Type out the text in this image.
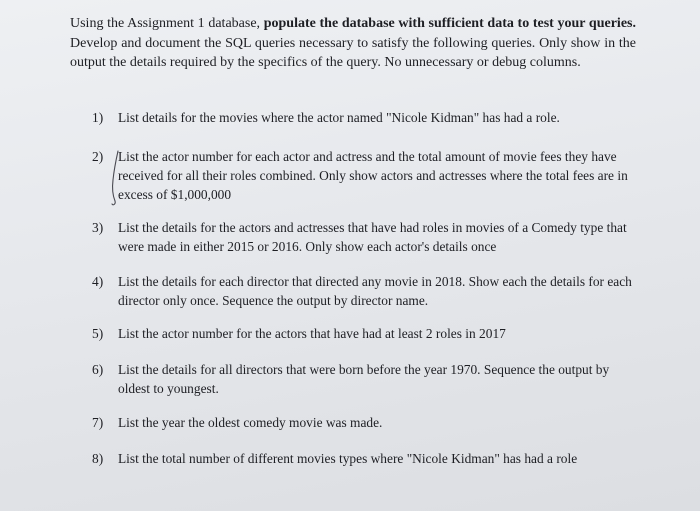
Using the Assignment 1 database, populate the database with sufficient data to test your queries. Develop and document the SQL queries necessary to satisfy the following queries. Only show in the output the details required by the specifics of the query. No unnecessary or debug columns.

1)	List details for the movies where the actor named "Nicole Kidman" has had a role.
2)	List the actor number for each actor and actress and the total amount of movie fees they have received for all their roles combined. Only show actors and actresses where the total fees are in excess of $1,000,000
3)	List the details for the actors and actresses that have had roles in movies of a Comedy type that were made in either 2015 or 2016. Only show each actor's details once
4)	List the details for each director that directed any movie in 2018. Show each the details for each director only once. Sequence the output by director name.
5)	List the actor number for the actors that have had at least 2 roles in 2017
6)	List the details for all directors that were born before the year 1970. Sequence the output by oldest to youngest.
7)	List the year the oldest comedy movie was made.
8)	List the total number of different movies types where "Nicole Kidman" has had a role
